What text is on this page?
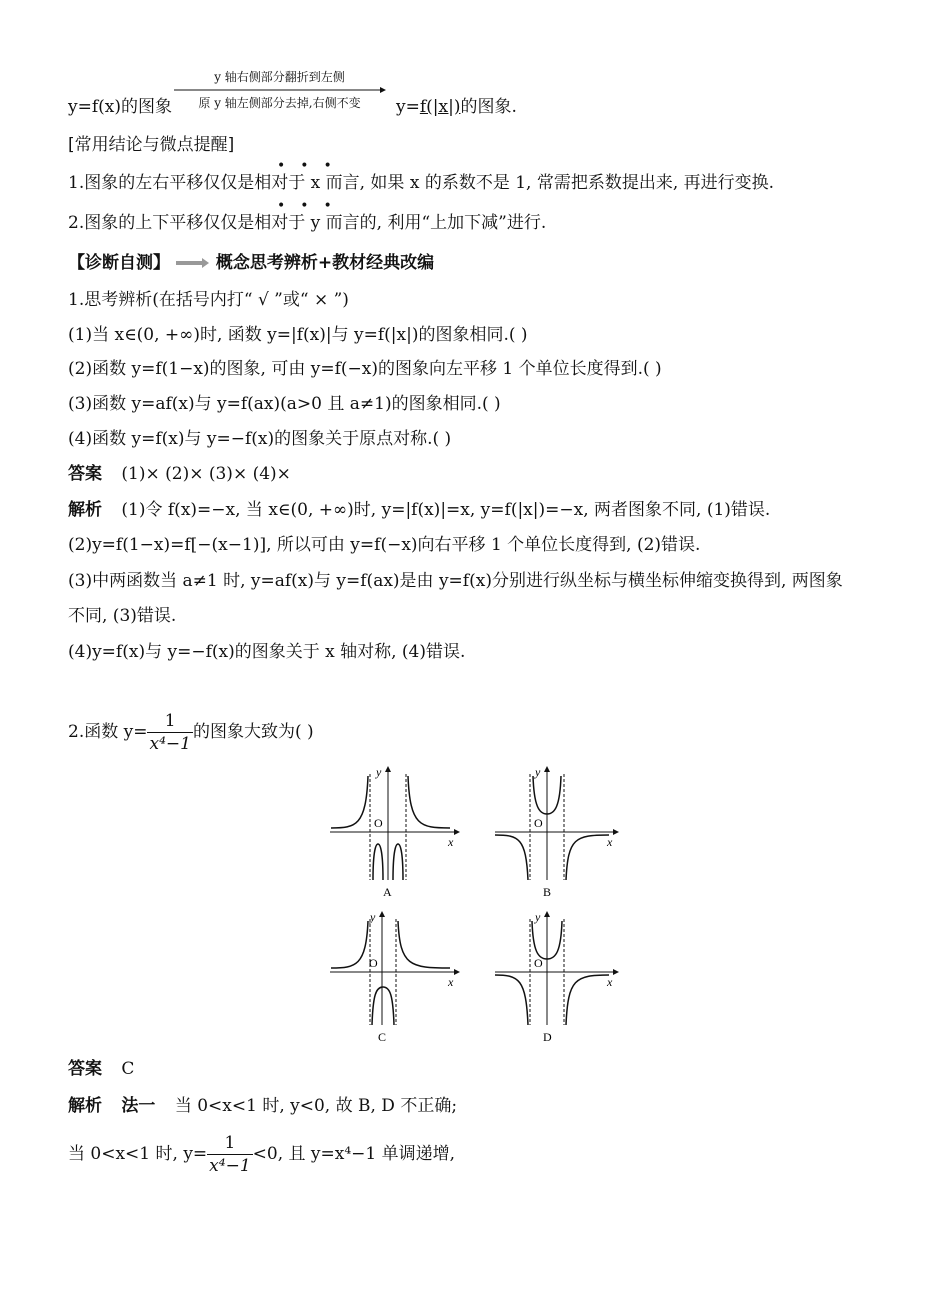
y=f(x)的图象
y 轴右侧部分翻折到左侧
原 y 轴左侧部分去掉,右侧不变	y=f(|x|)的图象.
[常用结论与微点提醒]
1.图象的左右平移仅仅是相对于 x 而言, 如果 x 的系数不是 1, 常需把系数提出来, 再进行变换.
•••
2.图象的上下平移仅仅是相对于 y 而言的, 利用“上加下减”进行.
•••
【诊断自测】	概念思考辨析+教材经典改编
1.思考辨析(在括号内打“ √ ”或“ × ”)
(1)当 x∈(0, +∞)时, 函数 y=|f(x)|与 y=f(|x|)的图象相同.( )
(2)函数 y=f(1−x)的图象, 可由 y=f(−x)的图象向左平移 1 个单位长度得到.( )
(3)函数 y=af(x)与 y=f(ax)(a>0 且 a≠1)的图象相同.( )
(4)函数 y=f(x)与 y=−f(x)的图象关于原点对称.( )
答案 (1)× (2)× (3)× (4)×
解析 (1)令 f(x)=−x, 当 x∈(0, +∞)时, y=|f(x)|=x, y=f(|x|)=−x, 两者图象不同, (1)错误.
(2)y=f(1−x)=f[−(x−1)], 所以可由 y=f(−x)向右平移 1 个单位长度得到, (2)错误.
(3)中两函数当 a≠1 时, y=af(x)与 y=f(ax)是由 y=f(x)分别进行纵坐标与横坐标伸缩变换得到, 两图象
不同, (3)错误.
(4)y=f(x)与 y=−f(x)的图象关于 x 轴对称, (4)错误.
2.函数 $y= \frac{1}{\text{x⁴−1}}$ 的图象大致为( )
O
x
y
A
O
x
y
B
O
x
y
C
O
x
y
D
答案 C
解析 法一 当 0<x<1 时, y<0, 故 B, D 不正确;
当 0<x<1 时, $y= \frac{1}{\text{x⁴−1}} <0$, 且 y=x⁴−1 单调递增,
